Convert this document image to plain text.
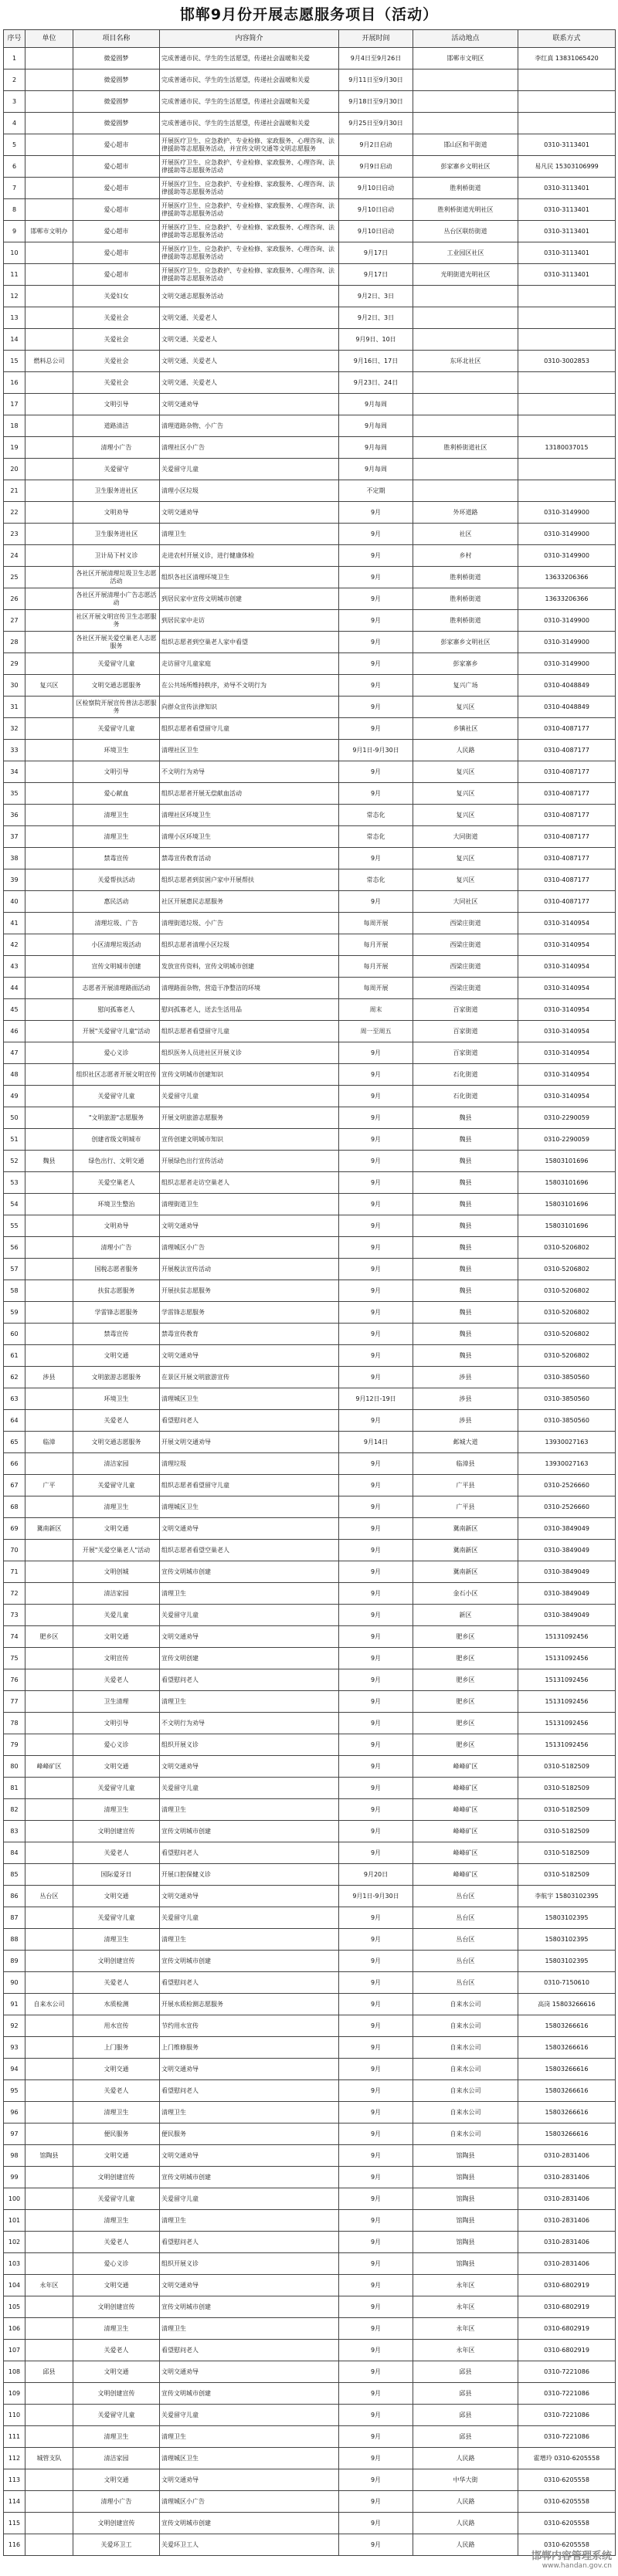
邯郸9月份开展志愿服务项目（活动）
序号	单位	项目名称	内容简介	开展时间	活动地点	联系方式
1		微爱圆梦	完成普通市民、学生的生活愿望，传递社会温暖和关爱	9月4日至9月26日	邯郸市文明区	李红真 13831065420
2		微爱圆梦	完成普通市民、学生的生活愿望，传递社会温暖和关爱	9月11日至9月30日		
3		微爱圆梦	完成普通市民、学生的生活愿望，传递社会温暖和关爱	9月18日至9月30日		
4		微爱圆梦	完成普通市民、学生的生活愿望，传递社会温暖和关爱	9月25日至9月30日		
5		爱心超市	开展医疗卫生、应急救护、专业检修、家政服务、心理咨询、法律援助等志愿服务活动，并宣传文明交通等文明志愿服务	9月2日启动	邯山区和平街道	0310-3113401
6		爱心超市	开展医疗卫生、应急救护、专业检修、家政服务、心理咨询、法律援助等志愿服务活动	9月9日启动	彭家寨乡文明社区	易凡民 15303106999
7		爱心超市	开展医疗卫生、应急救护、专业检修、家政服务、心理咨询、法律援助等志愿服务活动	9月10日启动	胜利桥街道	0310-3113401
8		爱心超市	开展医疗卫生、应急救护、专业检修、家政服务、心理咨询、法律援助等志愿服务活动	9月10日启动	胜利桥街道光明社区	0310-3113401
9	邯郸市文明办	爱心超市	开展医疗卫生、应急救护、专业检修、家政服务、心理咨询、法律援助等志愿服务活动	9月10日启动	丛台区联纺街道	0310-3113401
10		爱心超市	开展医疗卫生、应急救护、专业检修、家政服务、心理咨询、法律援助等志愿服务活动	9月17日	工业园区社区	0310-3113401
11		爱心超市	开展医疗卫生、应急救护、专业检修、家政服务、心理咨询、法律援助等志愿服务活动	9月17日	光明街道光明社区	0310-3113401
12		关爱妇女	文明交通志愿服务活动	9月2日、3日		
13		关爱社会	文明交通、关爱老人	9月2日、3日		
14		关爱社会	文明交通、关爱老人	9月9日、10日		
15	燃料总公司	关爱社会	文明交通、关爱老人	9月16日、17日	东环北社区	0310-3002853
16		关爱社会	文明交通、关爱老人	9月23日、24日		
17		文明引导	文明交通劝导	9月每周		
18		道路清洁	清理道路杂物、小广告	9月每周		
19		清理小广告	清理社区小广告	9月每周	胜利桥街道社区	13180037015
20		关爱留守	关爱留守儿童	9月每周		
21		卫生服务进社区	清理小区垃圾	不定期		
22		文明劝导	文明交通劝导	9月	外环道路	0310-3149900
23		卫生服务进社区	清理卫生	9月	社区	0310-3149900
24		卫计局下村义诊	走进农村开展义诊，进行健康体检	9月	乡村	0310-3149900
25		各社区开展清理垃圾卫生志愿活动	组织各社区清理环境卫生	9月	胜利桥街道	13633206366
26		各社区开展清理小广告志愿活动	到居民家中宣传文明城市创建	9月	胜利桥街道	13633206366
27		社区开展文明宣传卫生志愿服务	到居民家中走访	9月	胜利桥街道	0310-3149900
28		各社区开展关爱空巢老人志愿服务	组织志愿者到空巢老人家中看望	9月	彭家寨乡文明社区	0310-3149900
29		关爱留守儿童	走访留守儿童家庭	9月	彭家寨乡	0310-3149900
30	复兴区	文明交通志愿服务	在公共场所维持秩序，劝导不文明行为	9月	复兴广场	0310-4048849
31		区检察院开展宣传普法志愿服务	向群众宣传法律知识	9月	复兴区	0310-4048849
32		关爱留守儿童	组织志愿者看望留守儿童	9月	乡镇社区	0310-4087177
33		环境卫生	清理社区卫生	9月1日-9月30日	人民路	0310-4087177
34		文明引导	不文明行为劝导	9月	复兴区	0310-4087177
35		爱心献血	组织志愿者开展无偿献血活动	9月	复兴区	0310-4087177
36		清理卫生	清理社区环境卫生	常态化	复兴区	0310-4087177
37		清理卫生	清理小区环境卫生	常态化	大同街道	0310-4087177
38		禁毒宣传	禁毒宣传教育活动	9月	复兴区	0310-4087177
39		关爱帮扶活动	组织志愿者到贫困户家中开展帮扶	常态化	复兴区	0310-4087177
40		惠民活动	社区开展惠民志愿服务	9月	大同社区	0310-4087177
41		清理垃圾、广告	清理街道垃圾、小广告	每周开展	西梁庄街道	0310-3140954
42		小区清理垃圾活动	组织志愿者清理小区垃圾	每月开展	西梁庄街道	0310-3140954
43		宣传文明城市创建	发放宣传资料，宣传文明城市创建	每月开展	西梁庄街道	0310-3140954
44		志愿者开展清理路面活动	清理路面杂物，营造干净整洁的环境	每周开展	西梁庄街道	0310-3140954
45		慰问孤寡老人	慰问孤寡老人，送去生活用品	周末	百家街道	0310-3140954
46		开展"关爱留守儿童"活动	组织志愿者看望留守儿童	周一至周五	百家街道	0310-3140954
47		爱心义诊	组织医务人员进社区开展义诊	9月	百家街道	0310-3140954
48		组织社区志愿者开展文明宣传	宣传文明城市创建知识	9月	石化街道	0310-3140954
49		关爱留守儿童	关爱留守儿童	9月	石化街道	0310-3140954
50		"文明旅游"志愿服务	开展文明旅游志愿服务	9月	魏县	0310-2290059
51		创建省级文明城市	宣传创建文明城市知识	9月	魏县	0310-2290059
52	魏县	绿色出行、文明交通	开展绿色出行宣传活动	9月	魏县	15803101696
53		关爱空巢老人	组织志愿者走访空巢老人	9月	魏县	15803101696
54		环境卫生整治	清理街道卫生	9月	魏县	15803101696
55		文明劝导	文明交通劝导	9月	魏县	15803101696
56		清理小广告	清理城区小广告	9月	魏县	0310-5206802
57		国税志愿者服务	开展税法宣传活动	9月	魏县	0310-5206802
58		扶贫志愿服务	开展扶贫志愿服务	9月	魏县	0310-5206802
59		学雷锋志愿服务	学雷锋志愿服务	9月	魏县	0310-5206802
60		禁毒宣传	禁毒宣传教育	9月	魏县	0310-5206802
61		文明交通	文明交通劝导	9月	魏县	0310-5206802
62	涉县	文明旅游志愿服务	在景区开展文明旅游宣传	9月	涉县	0310-3850560
63		环境卫生	清理城区卫生	9月12日-19日	涉县	0310-3850560
64		关爱老人	看望慰问老人	9月	涉县	0310-3850560
65	临漳	文明交通志愿服务	开展文明交通劝导	9月14日	邺城大道	13930027163
66		清洁家园	清理垃圾	9月	临漳县	13930027163
67	广平	关爱留守儿童	组织志愿者看望留守儿童	9月	广平县	0310-2526660
68		清理卫生	清理城区卫生	9月	广平县	0310-2526660
69	冀南新区	文明交通	文明交通劝导	9月	冀南新区	0310-3849049
70		开展"关爱空巢老人"活动	组织志愿者看望空巢老人	9月	冀南新区	0310-3849049
71		文明创城	宣传文明城市创建	9月	冀南新区	0310-3849049
72		清洁家园	清理卫生	9月	金石小区	0310-3849049
73		关爱儿童	关爱留守儿童	9月	新区	0310-3849049
74	肥乡区	文明交通	文明交通劝导	9月	肥乡区	15131092456
75		文明宣传	宣传文明创建	9月	肥乡区	15131092456
76		关爱老人	看望慰问老人	9月	肥乡区	15131092456
77		卫生清理	清理卫生	9月	肥乡区	15131092456
78		文明引导	不文明行为劝导	9月	肥乡区	15131092456
79		爱心义诊	组织开展义诊	9月	肥乡区	15131092456
80	峰峰矿区	文明交通	文明交通劝导	9月	峰峰矿区	0310-5182509
81		关爱留守儿童	关爱留守儿童	9月	峰峰矿区	0310-5182509
82		清理卫生	清理卫生	9月	峰峰矿区	0310-5182509
83		文明创建宣传	宣传文明城市创建	9月	峰峰矿区	0310-5182509
84		关爱老人	看望慰问老人	9月	峰峰矿区	0310-5182509
85		国际爱牙日	开展口腔保健义诊	9月20日	峰峰矿区	0310-5182509
86	丛台区	文明交通	文明交通劝导	9月1日-9月30日	丛台区	李航宇 15803102395
87		关爱留守儿童	关爱留守儿童	9月	丛台区	15803102395
88		清理卫生	清理卫生	9月	丛台区	15803102395
89		文明创建宣传	宣传文明城市创建	9月	丛台区	15803102395
90		关爱老人	看望慰问老人	9月	丛台区	0310-7150610
91	自来水公司	水质检测	开展水质检测志愿服务	9月	自来水公司	高岗 15803266616
92		用水宣传	节约用水宣传	9月	自来水公司	15803266616
93		上门服务	上门维修服务	9月	自来水公司	15803266616
94		文明交通	文明交通劝导	9月	自来水公司	15803266616
95		关爱老人	看望慰问老人	9月	自来水公司	15803266616
96		清理卫生	清理卫生	9月	自来水公司	15803266616
97		便民服务	便民服务	9月	自来水公司	15803266616
98	馆陶县	文明交通	文明交通劝导	9月	馆陶县	0310-2831406
99		文明创建宣传	宣传文明城市创建	9月	馆陶县	0310-2831406
100		关爱留守儿童	关爱留守儿童	9月	馆陶县	0310-2831406
101		清理卫生	清理卫生	9月	馆陶县	0310-2831406
102		关爱老人	看望慰问老人	9月	馆陶县	0310-2831406
103		爱心义诊	组织开展义诊	9月	馆陶县	0310-2831406
104	永年区	文明交通	文明交通劝导	9月	永年区	0310-6802919
105		文明创建宣传	宣传文明城市创建	9月	永年区	0310-6802919
106		清理卫生	清理卫生	9月	永年区	0310-6802919
107		关爱老人	看望慰问老人	9月	永年区	0310-6802919
108	邱县	文明交通	文明交通劝导	9月	邱县	0310-7221086
109		文明创建宣传	宣传文明城市创建	9月	邱县	0310-7221086
110		关爱留守儿童	关爱留守儿童	9月	邱县	0310-7221086
111		清理卫生	清理卫生	9月	邱县	0310-7221086
112	城管支队	清洁家园	清理城区卫生	9月	人民路	霍增玲 0310-6205558
113		文明交通	文明交通劝导	9月	中华大街	0310-6205558
114		清理小广告	清理城区小广告	9月	人民路	0310-6205558
115		文明创建宣传	宣传文明城市创建	9月	人民路	0310-6205558
116		关爱环卫工	关爱环卫工人	9月	人民路	0310-6205558
邯郸内容管理系统
www.handan.gov.cn
